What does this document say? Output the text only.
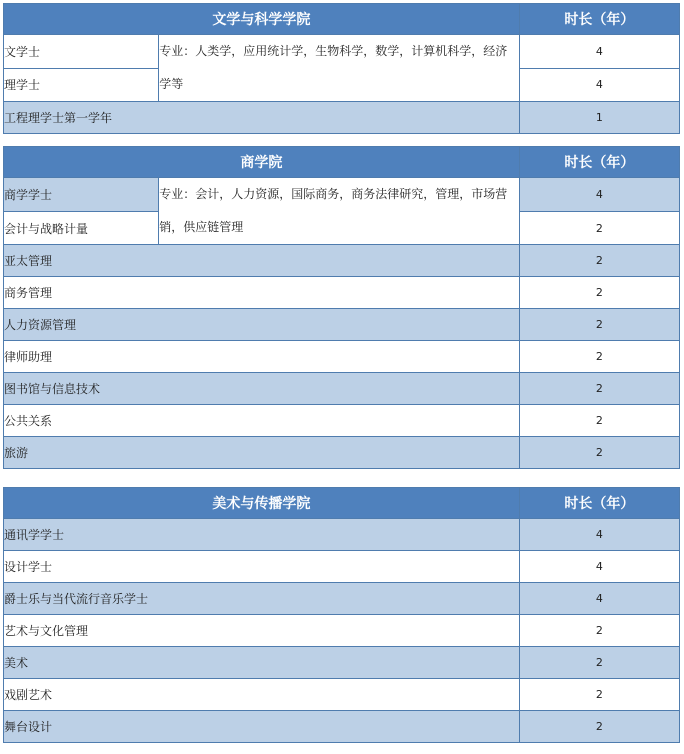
文学与科学学院		时长（年）
文学士	专业：人类学，应用统计学，生物科学，数学，计算机科学，经济学等	4
理学士		4
工程理学士第一学年		1
商学院		时长（年）
商学学士	专业：会计，人力资源，国际商务，商务法律研究，管理，市场营销，供应链管理	4
会计与战略计量		2
亚太管理		2
商务管理		2
人力资源管理		2
律师助理		2
图书馆与信息技术		2
公共关系		2
旅游		2
美术与传播学院	时长（年）
通讯学学士	4
设计学士	4
爵士乐与当代流行音乐学士	4
艺术与文化管理	2
美术	2
戏剧艺术	2
舞台设计	2
